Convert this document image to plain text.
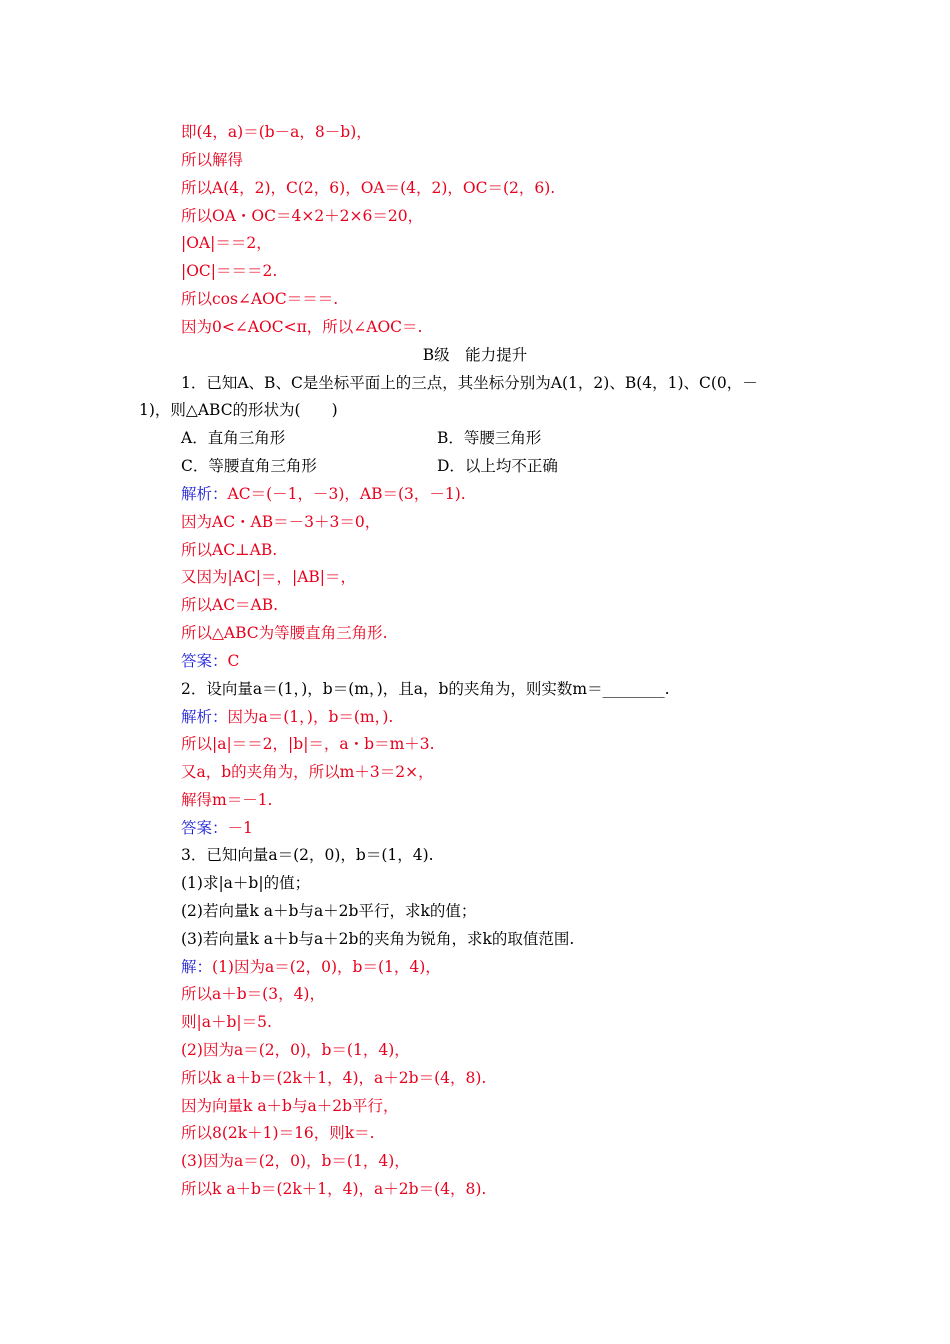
即(4，a)＝(b－a，8－b)，
所以解得
所以A(4，2)，C(2，6)，OA＝(4，2)，OC＝(2，6).
所以OA・OC＝4×2＋2×6＝20，
|OA|＝＝2，
|OC|＝＝＝2.
所以cos∠AOC＝＝＝.
因为0<∠AOC<π，所以∠AOC＝.
B级　能力提升
1．已知A、B、C是坐标平面上的三点，其坐标分别为A(1，2)、B(4，1)、C(0，－
1)，则△ABC的形状为(　　)
A．直角三角形	B．等腰三角形
C．等腰直角三角形	D．以上均不正确
解析：AC＝(－1，－3)，AB＝(3，－1).
因为AC・AB＝－3＋3＝0，
所以AC⊥AB.
又因为|AC|＝，|AB|＝，
所以AC＝AB.
所以△ABC为等腰直角三角形.
答案：C
2．设向量a＝(1，)，b＝(m，)，且a，b的夹角为，则实数m＝________.
解析：因为a＝(1，)，b＝(m，).
所以|a|＝＝2，|b|＝，a・b＝m＋3.
又a，b的夹角为，所以m＋3＝2×，
解得m＝－1.
答案：－1
3．已知向量a＝(2，0)，b＝(1，4).
(1)求|a＋b|的值；
(2)若向量k a＋b与a＋2b平行，求k的值；
(3)若向量k a＋b与a＋2b的夹角为锐角，求k的取值范围.
解：(1)因为a＝(2，0)，b＝(1，4)，
所以a＋b＝(3，4)，
则|a＋b|＝5.
(2)因为a＝(2，0)，b＝(1，4)，
所以k a＋b＝(2k＋1，4)，a＋2b＝(4，8).
因为向量k a＋b与a＋2b平行，
所以8(2k＋1)＝16，则k＝.
(3)因为a＝(2，0)，b＝(1，4)，
所以k a＋b＝(2k＋1，4)，a＋2b＝(4，8).
